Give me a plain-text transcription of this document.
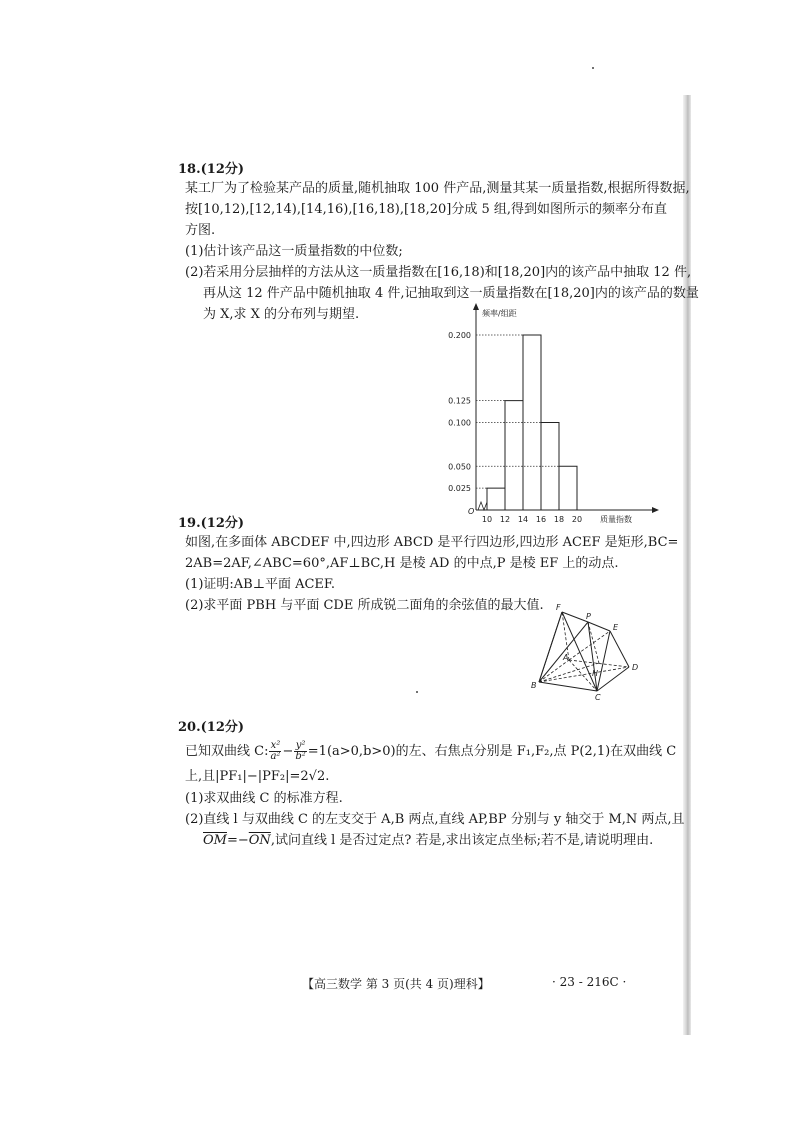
18.(12分)
某工厂为了检验某产品的质量,随机抽取 100 件产品,测量其某一质量指数,根据所得数据,
按[10,12),[12,14),[14,16),[16,18),[18,20]分成 5 组,得到如图所示的频率分布直
方图.
(1)估计该产品这一质量指数的中位数;
(2)若采用分层抽样的方法从这一质量指数在[16,18)和[18,20]内的该产品中抽取 12 件,
再从这 12 件产品中随机抽取 4 件,记抽取到这一质量指数在[18,20]内的该产品的数量
为 X,求 X 的分布列与期望.
0.200
0.125
0.100
0.050
0.025
10 12 14 16 18 20
O
频率/组距
质量指数
19.(12分)
如图,在多面体 ABCDEF 中,四边形 ABCD 是平行四边形,四边形 ACEF 是矩形,BC=
2AB=2AF,∠ABC=60°,AF⊥BC,H 是棱 AD 的中点,P 是棱 EF 上的动点.
(1)证明:AB⊥平面 ACEF.
(2)求平面 PBH 与平面 CDE 所成锐二面角的余弦值的最大值. F
P
E
A
D
H
B
C
20.(12分)
已知双曲线 C: $\frac{\text{x²}}{\text{a²}} - \frac{\text{y²}}{\text{b²}} =1(a>0,b>0)$的左、右焦点分别是 F₁,F₂,点 P(2,1)在双曲线 C
上,且|PF₁|−|PF₂|=2√2.
(1)求双曲线 C 的标准方程.
(2)直线 l 与双曲线 C 的左支交于 A,B 两点,直线 AP,BP 分别与 y 轴交于 M,N 两点,且
$\overline{OM}=-\overline{ON}$,试问直线 l 是否过定点? 若是,求出该定点坐标;若不是,请说明理由.
【高三数学 第 3 页(共 4 页)理科】	· 23 - 216C ·
